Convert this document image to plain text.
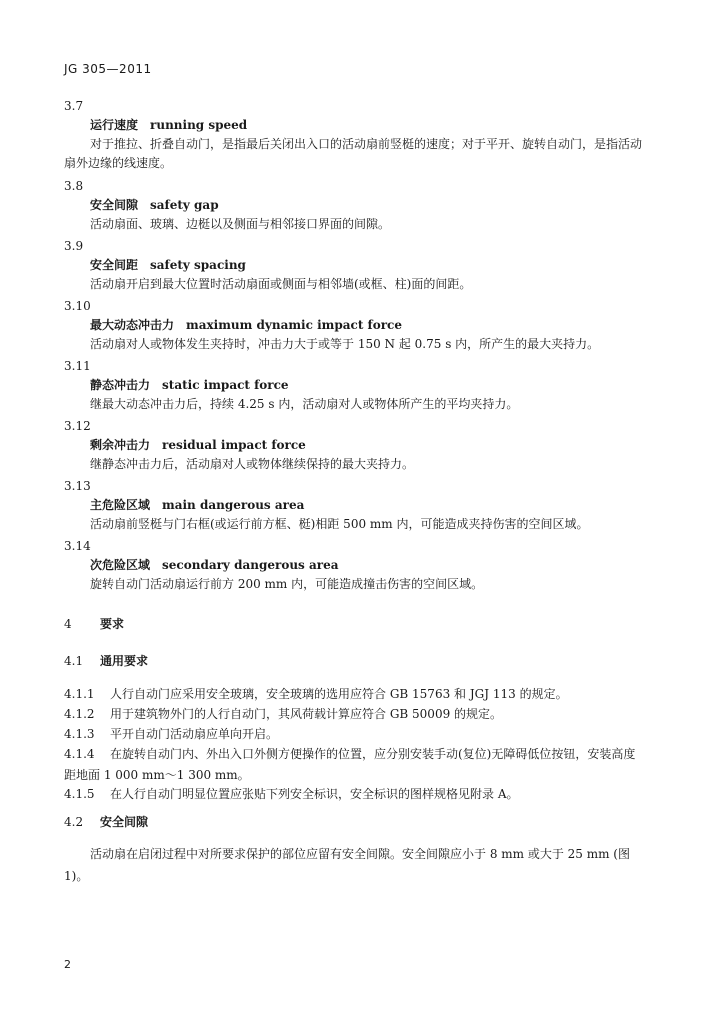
JG 305—2011
3.7
运行速度 running speed
对于推拉、折叠自动门，是指最后关闭出入口的活动扇前竖梃的速度；对于平开、旋转自动门，是指活动扇外边缘的线速度。
3.8
安全间隙 safety gap
活动扇面、玻璃、边梃以及侧面与相邻接口界面的间隙。
3.9
安全间距 safety spacing
活动扇开启到最大位置时活动扇面或侧面与相邻墙(或框、柱)面的间距。
3.10
最大动态冲击力 maximum dynamic impact force
活动扇对人或物体发生夹持时，冲击力大于或等于 150 N 起 0.75 s 内，所产生的最大夹持力。
3.11
静态冲击力 static impact force
继最大动态冲击力后，持续 4.25 s 内，活动扇对人或物体所产生的平均夹持力。
3.12
剩余冲击力 residual impact force
继静态冲击力后，活动扇对人或物体继续保持的最大夹持力。
3.13
主危险区域 main dangerous area
活动扇前竖梃与门右框(或运行前方框、梃)相距 500 mm 内，可能造成夹持伤害的空间区域。
3.14
次危险区域 secondary dangerous area
旋转自动门活动扇运行前方 200 mm 内，可能造成撞击伤害的空间区域。
4 要求
4.1 通用要求
4.1.1 人行自动门应采用安全玻璃，安全玻璃的选用应符合 GB 15763 和 JGJ 113 的规定。
4.1.2 用于建筑物外门的人行自动门，其风荷载计算应符合 GB 50009 的规定。
4.1.3 平开自动门活动扇应单向开启。
4.1.4 在旋转自动门内、外出入口外侧方便操作的位置，应分别安装手动(复位)无障碍低位按钮，安装高度距地面 1 000 mm～1 300 mm。
4.1.5 在人行自动门明显位置应张贴下列安全标识，安全标识的图样规格见附录 A。
4.2 安全间隙
活动扇在启闭过程中对所要求保护的部位应留有安全间隙。安全间隙应小于 8 mm 或大于 25 mm (图 1)。
2
